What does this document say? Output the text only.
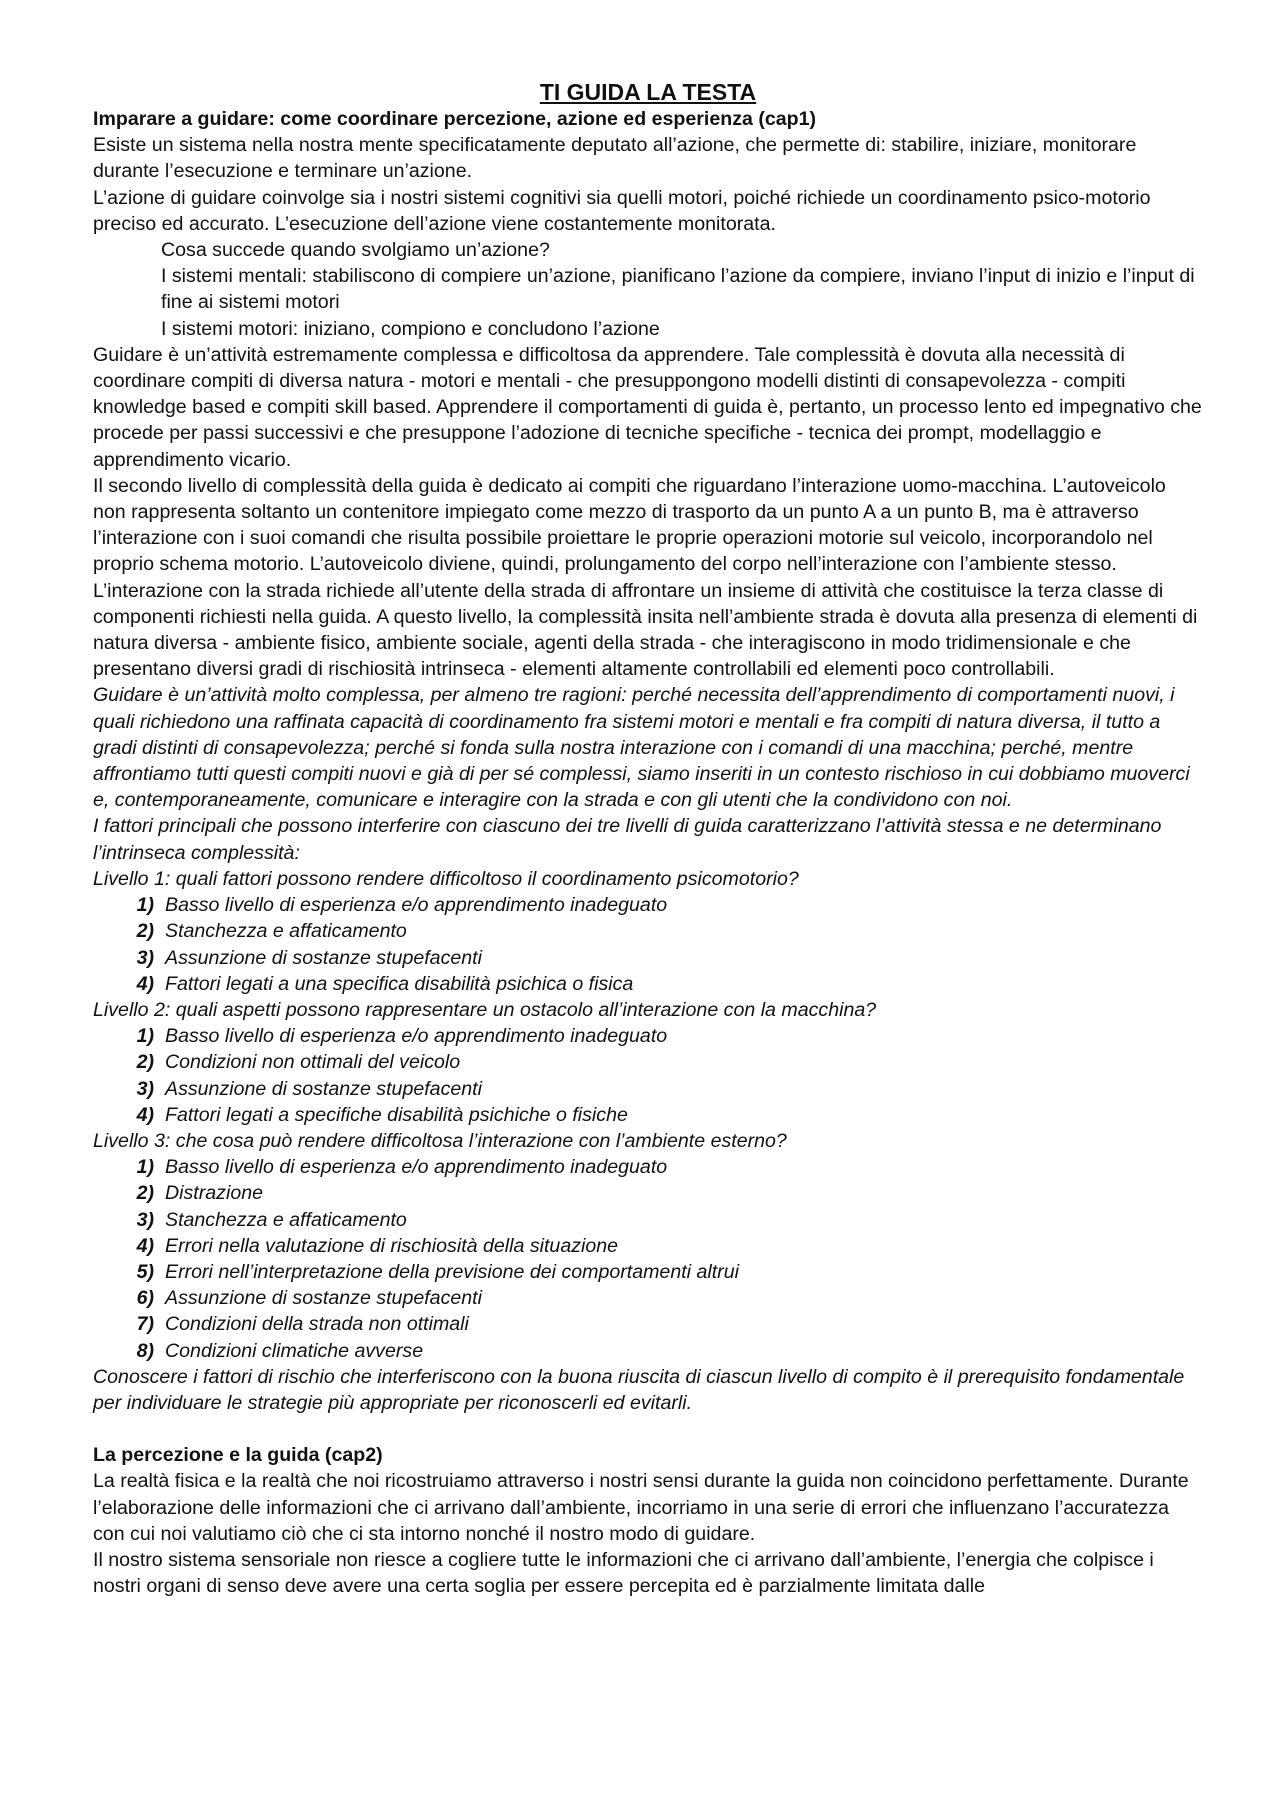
TI GUIDA LA TESTA

Imparare a guidare: come coordinare percezione, azione ed esperienza (cap1)

Esiste un sistema nella nostra mente specificatamente deputato all’azione, che permette di: stabilire, iniziare, monitorare durante l’esecuzione e terminare un’azione.

L’azione di guidare coinvolge sia i nostri sistemi cognitivi sia quelli motori, poiché richiede un coordinamento psico-motorio preciso ed accurato. L’esecuzione dell’azione viene costantemente monitorata.

Cosa succede quando svolgiamo un’azione?

I sistemi mentali: stabiliscono di compiere un’azione, pianificano l’azione da compiere, inviano l’input di inizio e l’input di fine ai sistemi motori

I sistemi motori: iniziano, compiono e concludono l’azione

Guidare è un’attività estremamente complessa e difficoltosa da apprendere. Tale complessità è dovuta alla necessità di coordinare compiti di diversa natura - motori e mentali - che presuppongono modelli distinti di consapevolezza - compiti knowledge based e compiti skill based. Apprendere il comportamenti di guida è, pertanto, un processo lento ed impegnativo che procede per passi successivi e che presuppone l’adozione di tecniche specifiche - tecnica dei prompt, modellaggio e apprendimento vicario.

Il secondo livello di complessità della guida è dedicato ai compiti che riguardano l’interazione uomo-macchina. L’autoveicolo non rappresenta soltanto un contenitore impiegato come mezzo di trasporto da un punto A a un punto B, ma è attraverso l’interazione con i suoi comandi che risulta possibile proiettare le proprie operazioni motorie sul veicolo, incorporandolo nel proprio schema motorio. L’autoveicolo diviene, quindi, prolungamento del corpo nell’interazione con l’ambiente stesso.

L’interazione con la strada richiede all’utente della strada di affrontare un insieme di attività che costituisce la terza classe di componenti richiesti nella guida. A questo livello, la complessità insita nell’ambiente strada è dovuta alla presenza di elementi di natura diversa - ambiente fisico, ambiente sociale, agenti della strada - che interagiscono in modo tridimensionale e che presentano diversi gradi di rischiosità intrinseca - elementi altamente controllabili ed elementi poco controllabili.

Guidare è un’attività molto complessa, per almeno tre ragioni: perché necessita dell’apprendimento di comportamenti nuovi, i quali richiedono una raffinata capacità di coordinamento fra sistemi motori e mentali e fra compiti di natura diversa, il tutto a gradi distinti di consapevolezza; perché si fonda sulla nostra interazione con i comandi di una macchina; perché, mentre affrontiamo tutti questi compiti nuovi e già di per sé complessi, siamo inseriti in un contesto rischioso in cui dobbiamo muoverci e, contemporaneamente, comunicare e interagire con la strada e con gli utenti che la condividono con noi.

I fattori principali che possono interferire con ciascuno dei tre livelli di guida caratterizzano l’attività stessa e ne determinano l’intrinseca complessità:

Livello 1: quali fattori possono rendere difficoltoso il coordinamento psicomotorio?

1) Basso livello di esperienza e/o apprendimento inadeguato
2) Stanchezza e affaticamento
3) Assunzione di sostanze stupefacenti
4) Fattori legati a una specifica disabilità psichica o fisica

Livello 2: quali aspetti possono rappresentare un ostacolo all’interazione con la macchina?

1) Basso livello di esperienza e/o apprendimento inadeguato
2) Condizioni non ottimali del veicolo
3) Assunzione di sostanze stupefacenti
4) Fattori legati a specifiche disabilità psichiche o fisiche

Livello 3: che cosa può rendere difficoltosa l’interazione con l’ambiente esterno?

1) Basso livello di esperienza e/o apprendimento inadeguato
2) Distrazione
3) Stanchezza e affaticamento
4) Errori nella valutazione di rischiosità della situazione
5) Errori nell’interpretazione della previsione dei comportamenti altrui
6) Assunzione di sostanze stupefacenti
7) Condizioni della strada non ottimali
8) Condizioni climatiche avverse

Conoscere i fattori di rischio che interferiscono con la buona riuscita di ciascun livello di compito è il prerequisito fondamentale per individuare le strategie più appropriate per riconoscerli ed evitarli.

La percezione e la guida (cap2)

La realtà fisica e la realtà che noi ricostruiamo attraverso i nostri sensi durante la guida non coincidono perfettamente. Durante l’elaborazione delle informazioni che ci arrivano dall’ambiente, incorriamo in una serie di errori che influenzano l’accuratezza con cui noi valutiamo ciò che ci sta intorno nonché il nostro modo di guidare.

Il nostro sistema sensoriale non riesce a cogliere tutte le informazioni che ci arrivano dall’ambiente, l’energia che colpisce i nostri organi di senso deve avere una certa soglia per essere percepita ed è parzialmente limitata dalle
